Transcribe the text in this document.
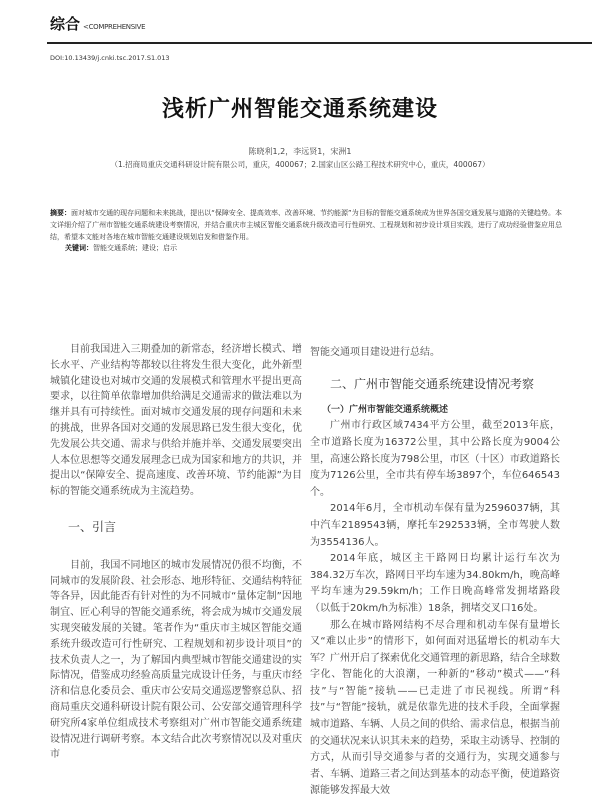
综合 <COMPREHENSIVE
DOI:10.13439/j.cnki.tsc.2017.S1.013
浅析广州智能交通系统建设
陈晓利1,2，李远贤1，宋洲1
（1.招商局重庆交通科研设计院有限公司，重庆，400067；2.国家山区公路工程技术研究中心，重庆，400067）
摘要：面对城市交通的现存问题和未来挑战，提出以“保障安全、提高效率、改善环境、节约能源”为目标的智能交通系统成为世界各国交通发展与道路的关键趋势。本文详细介绍了广州市智能交通系统建设考察情况，并结合重庆市主城区智能交通系统升级改造可行性研究、工程规划和初步设计项目实践，进行了成功经验借鉴应用总结，希望本文能对各地在城市智能交通建设规划启发和借鉴作用。
关键词：智能交通系统；建设；启示

目前我国进入三期叠加的新常态，经济增长模式、增长水平、产业结构等都较以往将发生很大变化，此外新型城镇化建设也对城市交通的发展模式和管理水平提出更高要求，以往简单依靠增加供给满足交通需求的做法难以为继并具有可持续性。面对城市交通发展的现存问题和未来的挑战，世界各国对交通的发展思路已发生很大变化，优先发展公共交通、需求与供给并施并举、交通发展要突出人本位思想等交通发展理念已成为国家和地方的共识，并提出以“保障安全、提高速度、改善环境、节约能源”为目标的智能交通系统成为主流趋势。

一、引言

目前，我国不同地区的城市发展情况仍很不均衡，不同城市的发展阶段、社会形态、地形特征、交通结构特征等各异，因此能否有针对性的为不同城市“量体定制”因地制宜、匠心利导的智能交通系统，将会成为城市交通发展实现突破发展的关键。笔者作为“重庆市主城区智能交通系统升级改造可行性研究、工程规划和初步设计项目”的技术负责人之一，为了解国内典型城市智能交通建设的实际情况，借鉴成功经验高质量完成设计任务，与重庆市经济和信息化委员会、重庆市公安局交通巡逻警察总队、招商局重庆交通科研设计院有限公司、公安部交通管理科学研究所4家单位组成技术考察组对广州市智能交通系统建设情况进行调研考察。本文结合此次考察情况以及对重庆市

智能交通项目建设进行总结。
二、广州市智能交通系统建设情况考察
（一）广州市智能交通系统概述

广州市行政区域7434平方公里，截至2013年底，全市道路长度为16372公里，其中公路长度为9004公里，高速公路长度为798公里，市区（十区）市政道路长度为7126公里，全市共有停车场3897个，车位646543个。

2014年6月，全市机动车保有量为2596037辆，其中汽车2189543辆，摩托车292533辆，全市驾驶人数为3554136人。

2014年底，城区主干路网日均累计运行车次为384.32万车次，路网日平均车速为34.80km/h，晚高峰平均车速为29.59km/h；工作日晚高峰常发拥堵路段（以低于20km/h为标准）18条，拥堵交叉口16处。

那么在城市路网结构不尽合理和机动车保有量增长又“难以止步”的情形下，如何面对迅猛增长的机动车大军？广州开启了探索优化交通管理的新思路，结合全球数字化、智能化的大浪潮，一种新的“移动”模式——“科技”与“智能”接轨——已走进了市民视线。所谓“科技”与“智能”接轨，就是依靠先进的技术手段，全面掌握城市道路、车辆、人员之间的供给、需求信息，根据当前的交通状况来认识其未来的趋势，采取主动诱导、控制的方式，从而引导交通参与者的交通行为，实现交通参与者、车辆、道路三者之间达到基本的动态平衡，使道路资源能够发挥最大效
